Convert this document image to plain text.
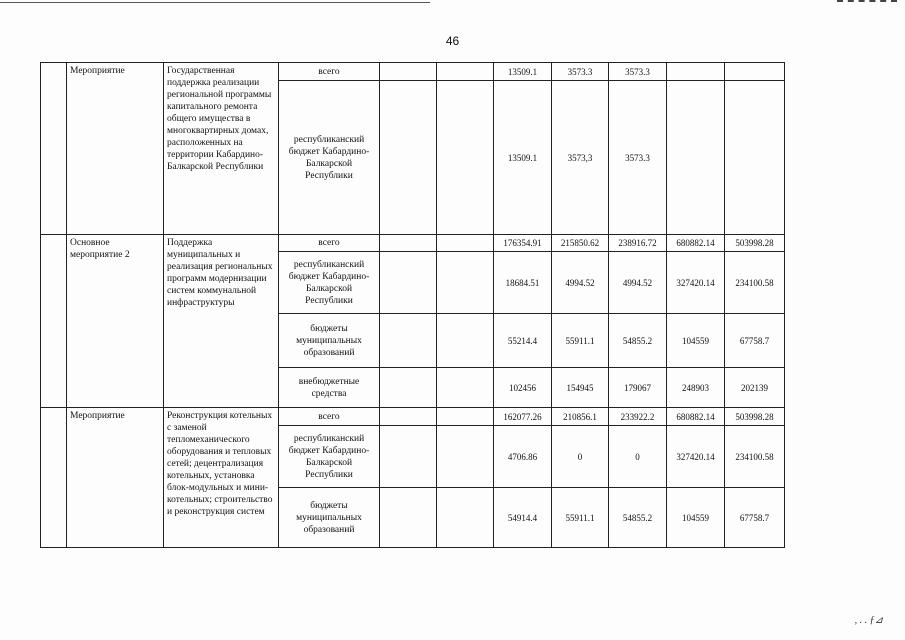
46
	Мероприятие	Государственная поддержка реализации региональной программы капитального ремонта общего имущества в многоквартирных домах, расположенных на территории Кабардино-Балкарской Республики	всего			13509.1	3573.3	3573.3		
			республиканский бюджет Кабардино-Балкарской Республики			13509.1	3573,3	3573.3		
	Основное мероприятие 2	Поддержка муниципальных и реализация региональных программ модернизации систем коммунальной инфраструктуры	всего			176354.91	215850.62	238916.72	680882.14	503998.28
			республиканский бюджет Кабардино-Балкарской Республики			18684.51	4994.52	4994.52	327420.14	234100.58
			бюджеты муниципальных образований			55214.4	55911.1	54855.2	104559	67758.7
			внебюджетные средства			102456	154945	179067	248903	202139
	Мероприятие	Реконструкция котельных с заменой тепломеханического оборудования и тепловых сетей; децентрализация котельных, установка блок-модульных и мини-котельных; строительство и реконструкция систем	всего			162077.26	210856.1	233922.2	680882.14	503998.28
			республиканский бюджет Кабардино-Балкарской Республики			4706.86	0	0	327420.14	234100.58
			бюджеты муниципальных образований			54914.4	55911.1	54855.2	104559	67758.7
, . . ƒ⊿
